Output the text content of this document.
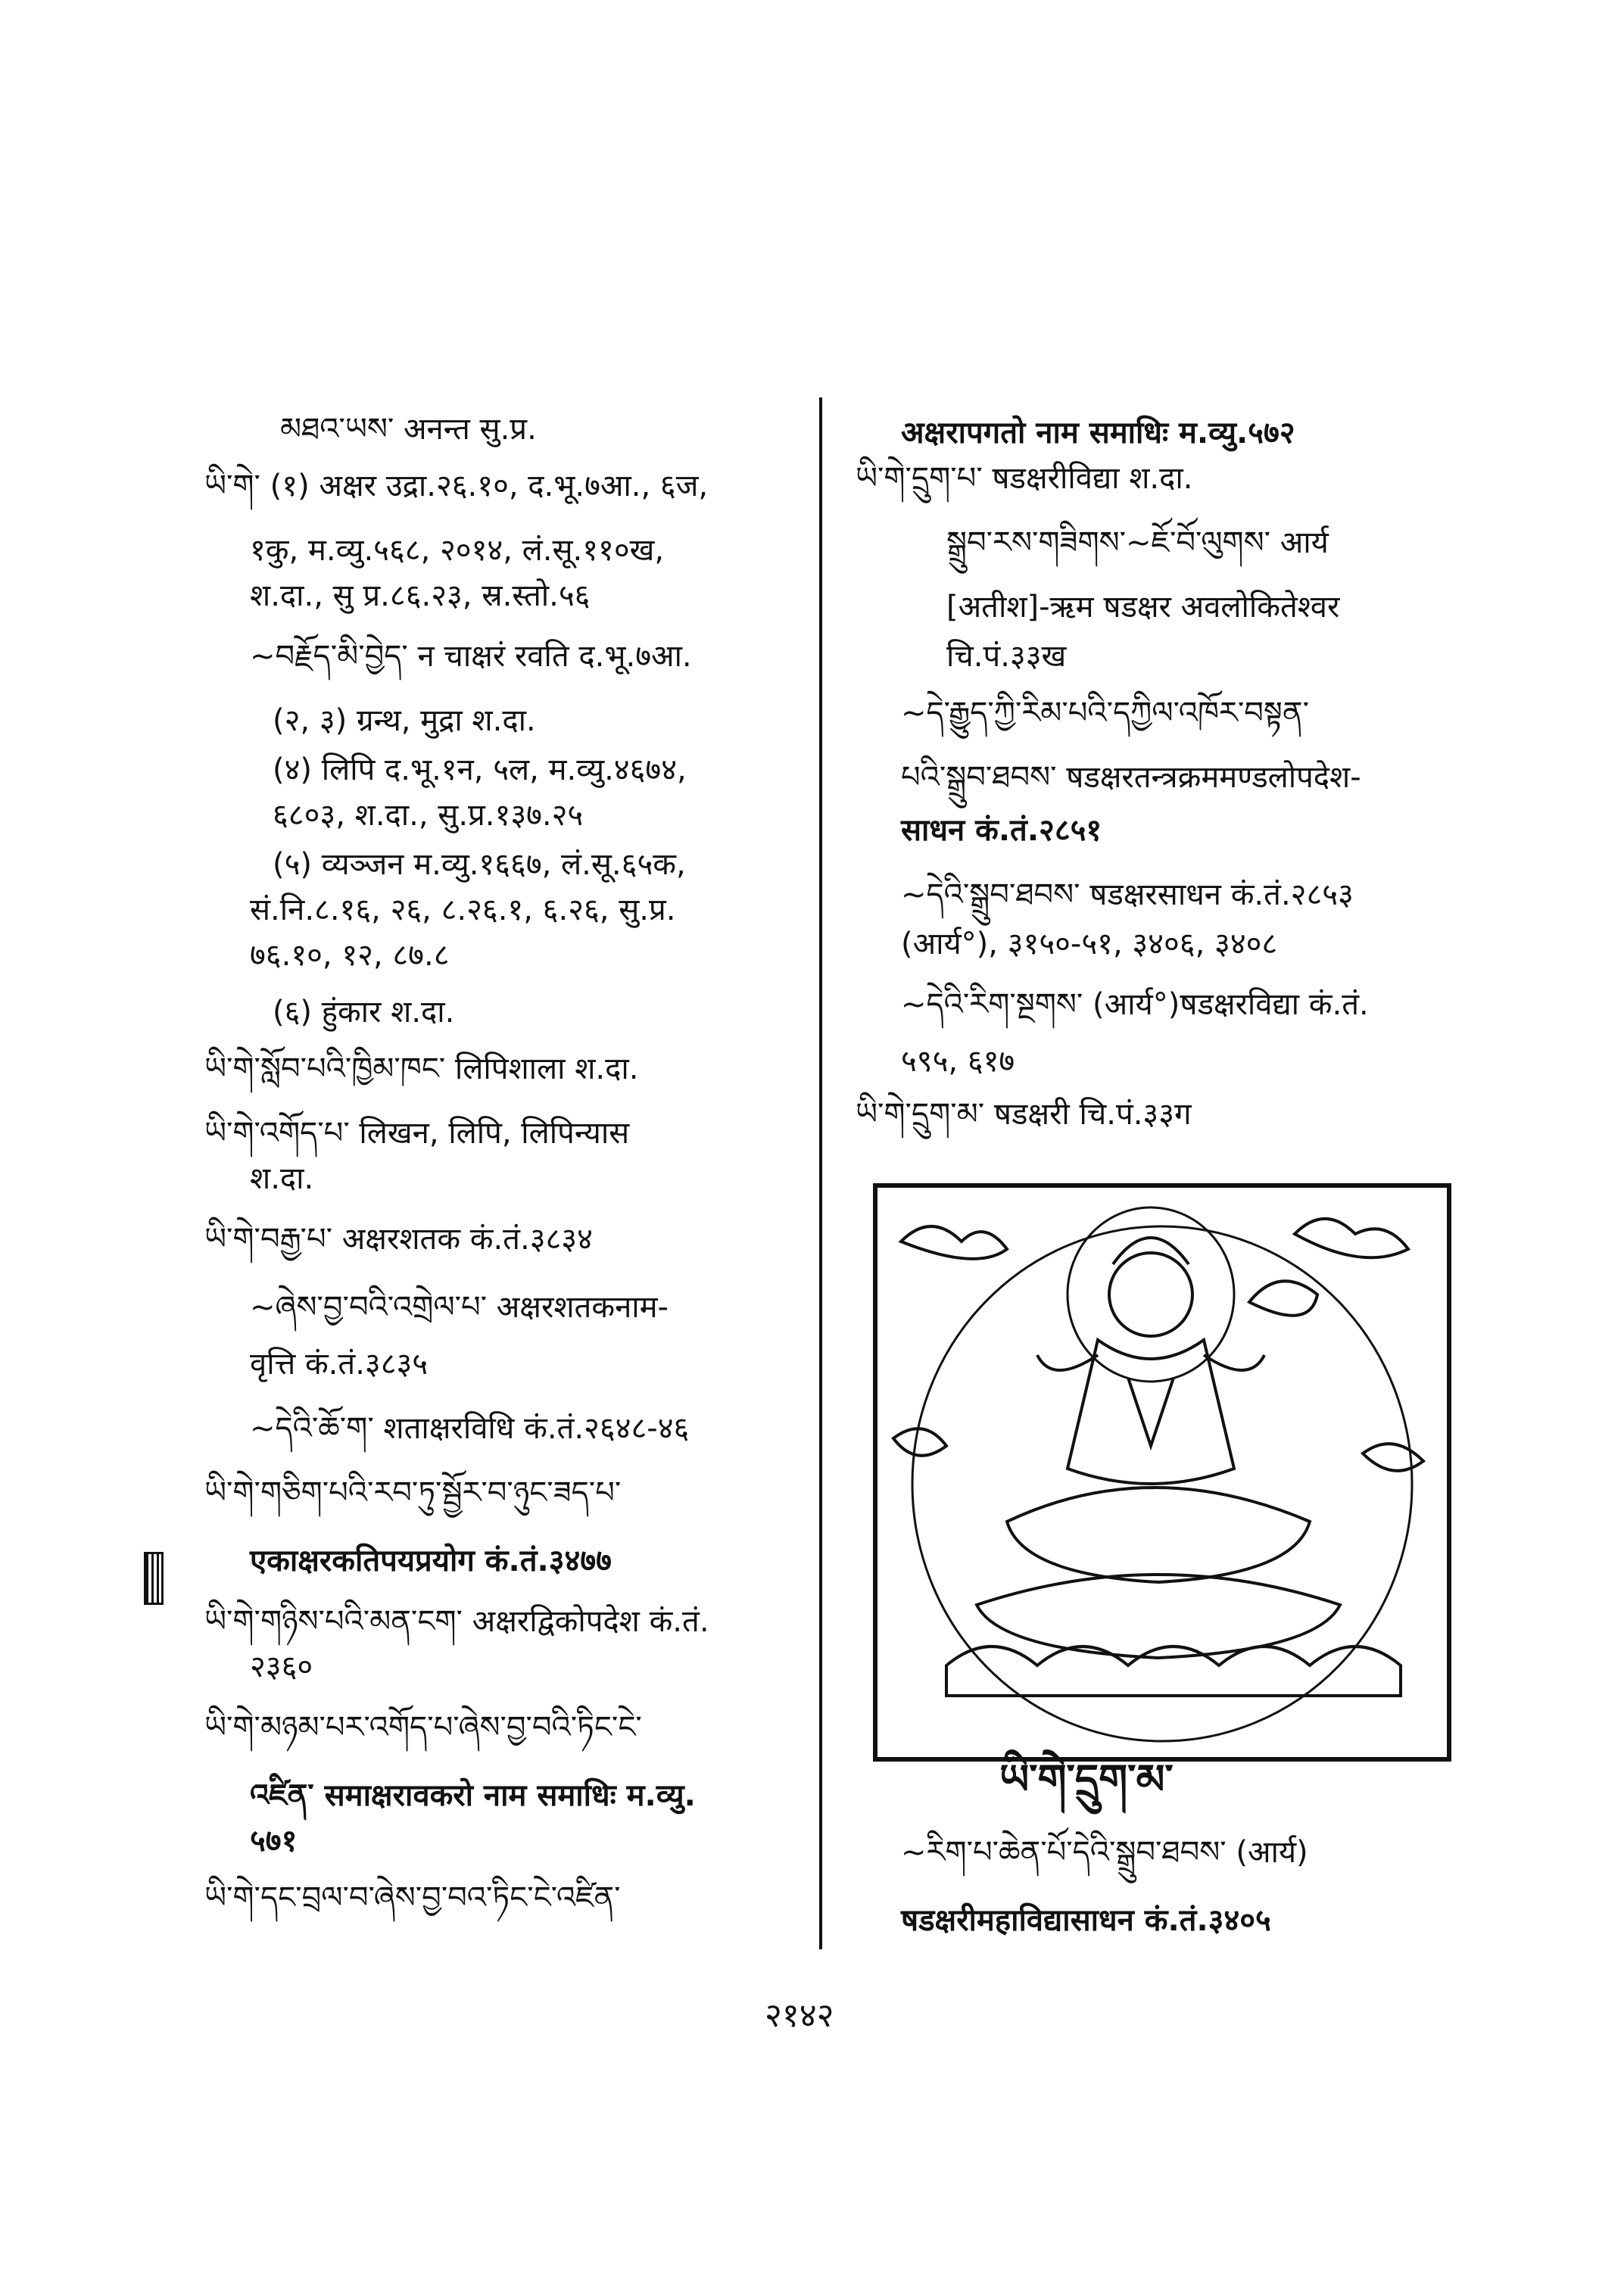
མཐའ་ཡས་ अनन्त सु.प्र.
ཡི་གེ་ (१) अक्षर उद्रा.२६.१०, द.भू.७आ., ६ज,
१कु, म.व्यु.५६८, २०१४, लं.सू.११०ख,
श.दा., सु प्र.८६.२३, स्र.स्तो.५६
~བརྗོད་མི་བྱེད་ न चाक्षरं रवति द.भू.७आ.
(२, ३) ग्रन्थ, मुद्रा श.दा.
(४) लिपि द.भू.१न, ५ल, म.व्यु.४६७४,
६८०३, श.दा., सु.प्र.१३७.२५
(५) व्यञ्जन म.व्यु.१६६७, लं.सू.६५क,
सं.नि.८.१६, २६, ८.२६.१, ६.२६, सु.प्र.
७६.१०, १२, ८७.८
(६) हुंकार श.दा.
ཡི་གེ་སློབ་པའི་ཁྱིམ་ཁང་ लिपिशाला श.दा.
ཡི་གེ་འགོད་པ་ लिखन, लिपि, लिपिन्यास
श.दा.
ཡི་གེ་བརྒྱ་པ་ अक्षरशतक कं.तं.३८३४
~ཞེས་བྱ་བའི་འགྲེལ་པ་ अक्षरशतकनाम-
वृत्ति कं.तं.३८३५
~དེའི་ཆོ་ག་ शताक्षरविधि कं.तं.२६४८-४६
ཡི་གེ་གཅིག་པའི་རབ་ཏུ་སྦྱོར་བ་ཉུང་ཟད་པ་
एकाक्षरकतिपयप्रयोग कं.तं.३४७७
ཡི་གེ་གཉིས་པའི་མན་ངག་ अक्षरद्विकोपदेश कं.तं.
२३६०
ཡི་གེ་མཉམ་པར་འགོད་པ་ཞེས་བྱ་བའི་ཏིང་ངེ་
འཛིན་ समाक्षरावकरो नाम समाधिः म.व्यु.
५७१
ཡི་གེ་དང་བྲལ་བ་ཞེས་བྱ་བའ་ཏིང་ངེ་འཛིན་
अक्षरापगतो नाम समाधिः म.व्यु.५७२
ཡི་གེ་དྲུག་པ་ षडक्षरीविद्या श.दा.
སྒྲུབ་རས་གཟིགས་~ཇོ་བོ་ལུགས་ आर्य
[अतीश]-ऋम षडक्षर अवलोकितेश्वर
चि.पं.३३ख
~དེ་རྒྱུད་ཀྱི་རིམ་པའི་དཀྱིལ་འཁོར་བསྟན་
པའི་སྒྲུབ་ཐབས་ षडक्षरतन्त्रक्रममण्डलोपदेश-
साधन कं.तं.२८५१
~དེའི་སྒྲུབ་ཐབས་ षडक्षरसाधन कं.तं.२८५३
(आर्य°), ३१५०-५१, ३४०६, ३४०८
~དེའི་རིག་སྔགས་ (आर्य°)षडक्षरविद्या कं.तं.
५९५, ६१७
ཡི་གེ་དྲུག་མ་ षडक्षरी चि.पं.३३ग
ཡི་གེ་དྲུག་མ་
~རིག་པ་ཆེན་པོ་དེའི་སྒྲུབ་ཐབས་ (आर्य)
षडक्षरीमहाविद्यासाधन कं.तं.३४०५
२१४२
